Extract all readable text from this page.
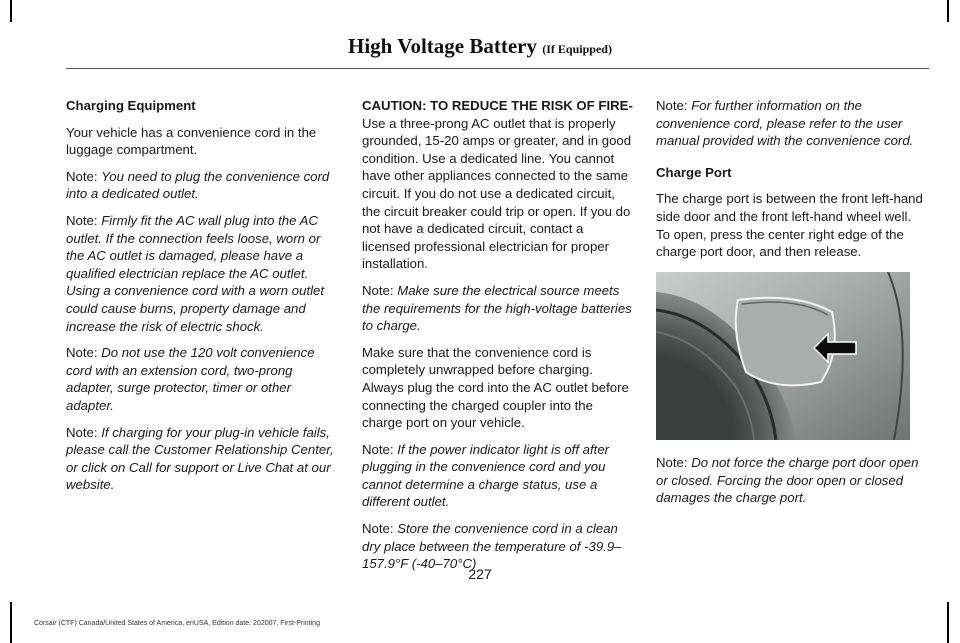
High Voltage Battery (If Equipped)

Charging Equipment

Your vehicle has a convenience cord in the luggage compartment.

Note: You need to plug the convenience cord into a dedicated outlet.

Note: Firmly fit the AC wall plug into the AC outlet. If the connection feels loose, worn or the AC outlet is damaged, please have a qualified electrician replace the AC outlet. Using a convenience cord with a worn outlet could cause burns, property damage and increase the risk of electric shock.

Note: Do not use the 120 volt convenience cord with an extension cord, two-prong adapter, surge protector, timer or other adapter.

Note: If charging for your plug-in vehicle fails, please call the Customer Relationship Center, or click on Call for support or Live Chat at our website.

CAUTION: TO REDUCE THE RISK OF FIRE-
Use a three-prong AC outlet that is properly grounded, 15-20 amps or greater, and in good condition. Use a dedicated line. You cannot have other appliances connected to the same circuit. If you do not use a dedicated circuit, the circuit breaker could trip or open. If you do not have a dedicated circuit, contact a licensed professional electrician for proper installation.

Note: Make sure the electrical source meets the requirements for the high-voltage batteries to charge.

Make sure that the convenience cord is completely unwrapped before charging. Always plug the cord into the AC outlet before connecting the charged coupler into the charge port on your vehicle.

Note: If the power indicator light is off after plugging in the convenience cord and you cannot determine a charge status, use a different outlet.

Note: Store the convenience cord in a clean dry place between the temperature of -39.9–157.9°F (-40–70°C)

Note: For further information on the convenience cord, please refer to the user manual provided with the convenience cord.

Charge Port

The charge port is between the front left-hand side door and the front left-hand wheel well. To open, press the center right edge of the charge port door, and then release.

Note: Do not force the charge port door open or closed. Forcing the door open or closed damages the charge port.

227
Corsair (CTF) Canada/United States of America, enUSA, Edition date: 202007, First-Printing
